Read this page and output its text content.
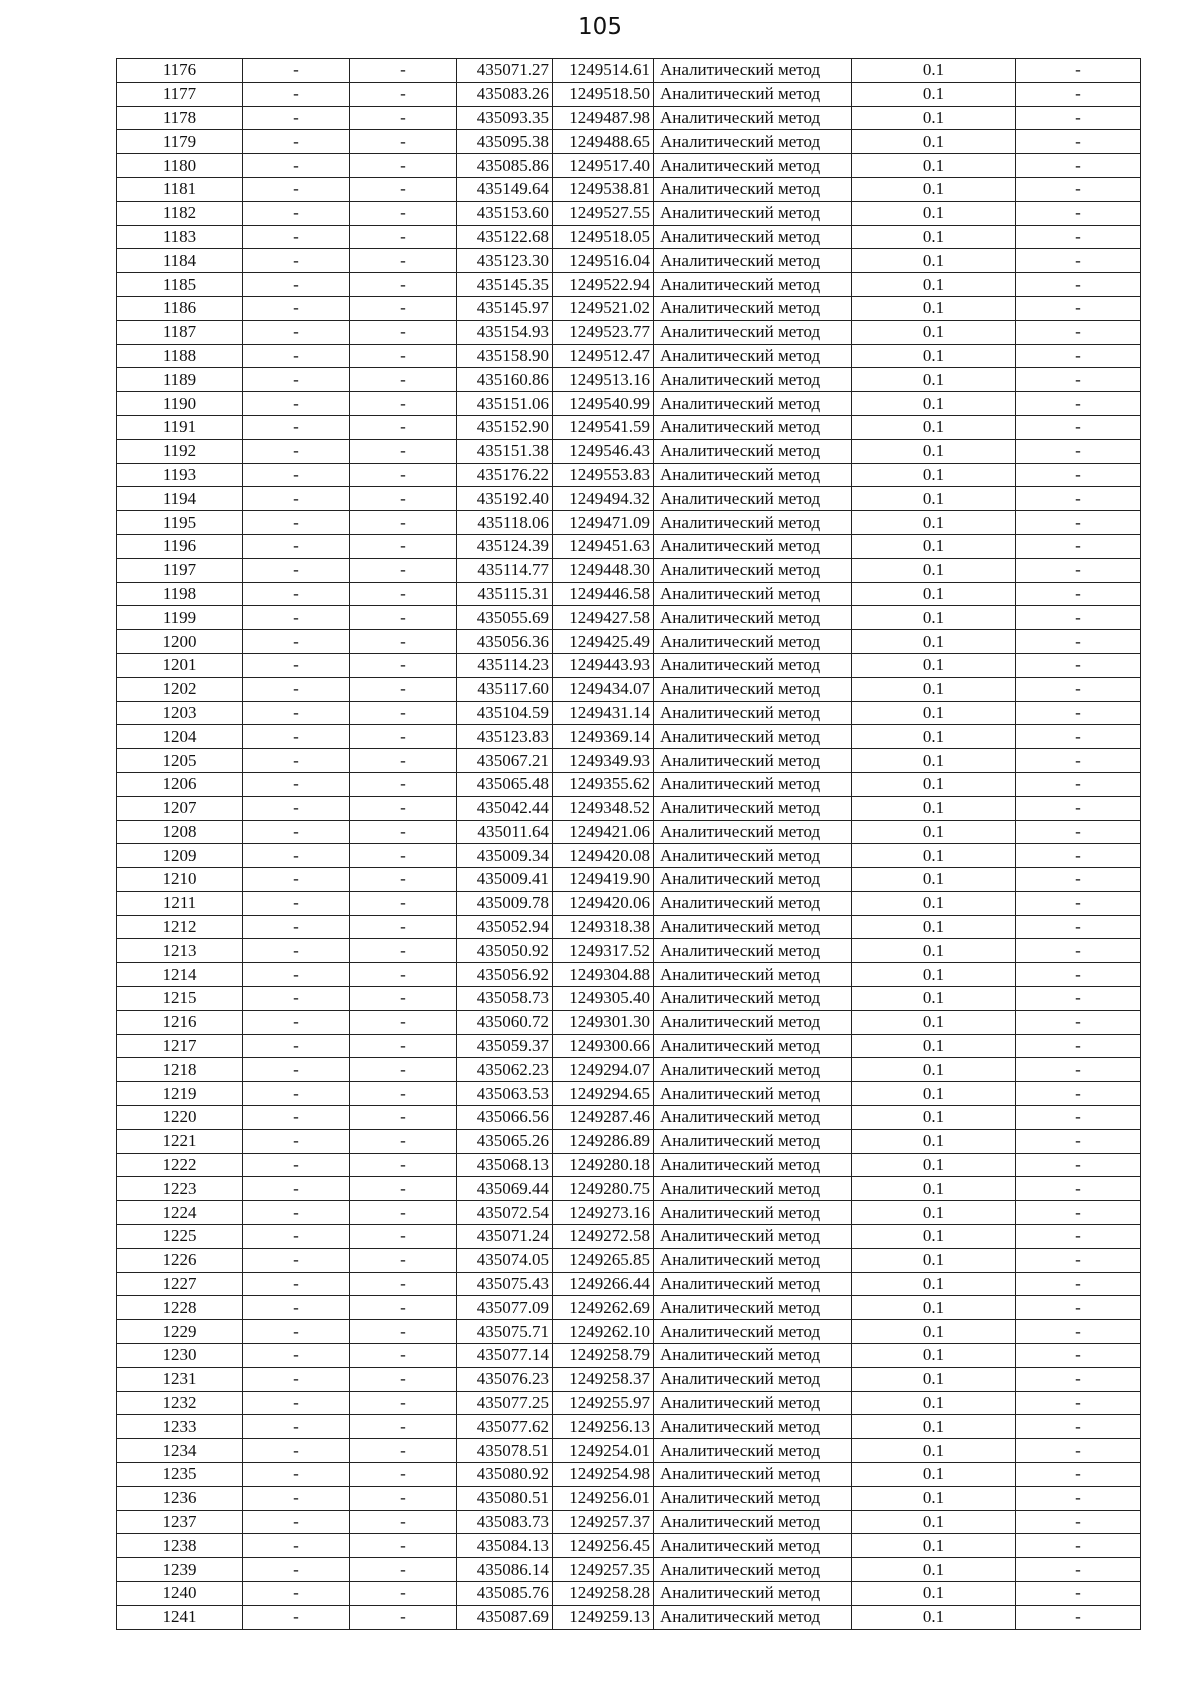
105
1176	-	-	435071.27	1249514.61	Аналитический метод	0.1	-
1177	-	-	435083.26	1249518.50	Аналитический метод	0.1	-
1178	-	-	435093.35	1249487.98	Аналитический метод	0.1	-
1179	-	-	435095.38	1249488.65	Аналитический метод	0.1	-
1180	-	-	435085.86	1249517.40	Аналитический метод	0.1	-
1181	-	-	435149.64	1249538.81	Аналитический метод	0.1	-
1182	-	-	435153.60	1249527.55	Аналитический метод	0.1	-
1183	-	-	435122.68	1249518.05	Аналитический метод	0.1	-
1184	-	-	435123.30	1249516.04	Аналитический метод	0.1	-
1185	-	-	435145.35	1249522.94	Аналитический метод	0.1	-
1186	-	-	435145.97	1249521.02	Аналитический метод	0.1	-
1187	-	-	435154.93	1249523.77	Аналитический метод	0.1	-
1188	-	-	435158.90	1249512.47	Аналитический метод	0.1	-
1189	-	-	435160.86	1249513.16	Аналитический метод	0.1	-
1190	-	-	435151.06	1249540.99	Аналитический метод	0.1	-
1191	-	-	435152.90	1249541.59	Аналитический метод	0.1	-
1192	-	-	435151.38	1249546.43	Аналитический метод	0.1	-
1193	-	-	435176.22	1249553.83	Аналитический метод	0.1	-
1194	-	-	435192.40	1249494.32	Аналитический метод	0.1	-
1195	-	-	435118.06	1249471.09	Аналитический метод	0.1	-
1196	-	-	435124.39	1249451.63	Аналитический метод	0.1	-
1197	-	-	435114.77	1249448.30	Аналитический метод	0.1	-
1198	-	-	435115.31	1249446.58	Аналитический метод	0.1	-
1199	-	-	435055.69	1249427.58	Аналитический метод	0.1	-
1200	-	-	435056.36	1249425.49	Аналитический метод	0.1	-
1201	-	-	435114.23	1249443.93	Аналитический метод	0.1	-
1202	-	-	435117.60	1249434.07	Аналитический метод	0.1	-
1203	-	-	435104.59	1249431.14	Аналитический метод	0.1	-
1204	-	-	435123.83	1249369.14	Аналитический метод	0.1	-
1205	-	-	435067.21	1249349.93	Аналитический метод	0.1	-
1206	-	-	435065.48	1249355.62	Аналитический метод	0.1	-
1207	-	-	435042.44	1249348.52	Аналитический метод	0.1	-
1208	-	-	435011.64	1249421.06	Аналитический метод	0.1	-
1209	-	-	435009.34	1249420.08	Аналитический метод	0.1	-
1210	-	-	435009.41	1249419.90	Аналитический метод	0.1	-
1211	-	-	435009.78	1249420.06	Аналитический метод	0.1	-
1212	-	-	435052.94	1249318.38	Аналитический метод	0.1	-
1213	-	-	435050.92	1249317.52	Аналитический метод	0.1	-
1214	-	-	435056.92	1249304.88	Аналитический метод	0.1	-
1215	-	-	435058.73	1249305.40	Аналитический метод	0.1	-
1216	-	-	435060.72	1249301.30	Аналитический метод	0.1	-
1217	-	-	435059.37	1249300.66	Аналитический метод	0.1	-
1218	-	-	435062.23	1249294.07	Аналитический метод	0.1	-
1219	-	-	435063.53	1249294.65	Аналитический метод	0.1	-
1220	-	-	435066.56	1249287.46	Аналитический метод	0.1	-
1221	-	-	435065.26	1249286.89	Аналитический метод	0.1	-
1222	-	-	435068.13	1249280.18	Аналитический метод	0.1	-
1223	-	-	435069.44	1249280.75	Аналитический метод	0.1	-
1224	-	-	435072.54	1249273.16	Аналитический метод	0.1	-
1225	-	-	435071.24	1249272.58	Аналитический метод	0.1	-
1226	-	-	435074.05	1249265.85	Аналитический метод	0.1	-
1227	-	-	435075.43	1249266.44	Аналитический метод	0.1	-
1228	-	-	435077.09	1249262.69	Аналитический метод	0.1	-
1229	-	-	435075.71	1249262.10	Аналитический метод	0.1	-
1230	-	-	435077.14	1249258.79	Аналитический метод	0.1	-
1231	-	-	435076.23	1249258.37	Аналитический метод	0.1	-
1232	-	-	435077.25	1249255.97	Аналитический метод	0.1	-
1233	-	-	435077.62	1249256.13	Аналитический метод	0.1	-
1234	-	-	435078.51	1249254.01	Аналитический метод	0.1	-
1235	-	-	435080.92	1249254.98	Аналитический метод	0.1	-
1236	-	-	435080.51	1249256.01	Аналитический метод	0.1	-
1237	-	-	435083.73	1249257.37	Аналитический метод	0.1	-
1238	-	-	435084.13	1249256.45	Аналитический метод	0.1	-
1239	-	-	435086.14	1249257.35	Аналитический метод	0.1	-
1240	-	-	435085.76	1249258.28	Аналитический метод	0.1	-
1241	-	-	435087.69	1249259.13	Аналитический метод	0.1	-
